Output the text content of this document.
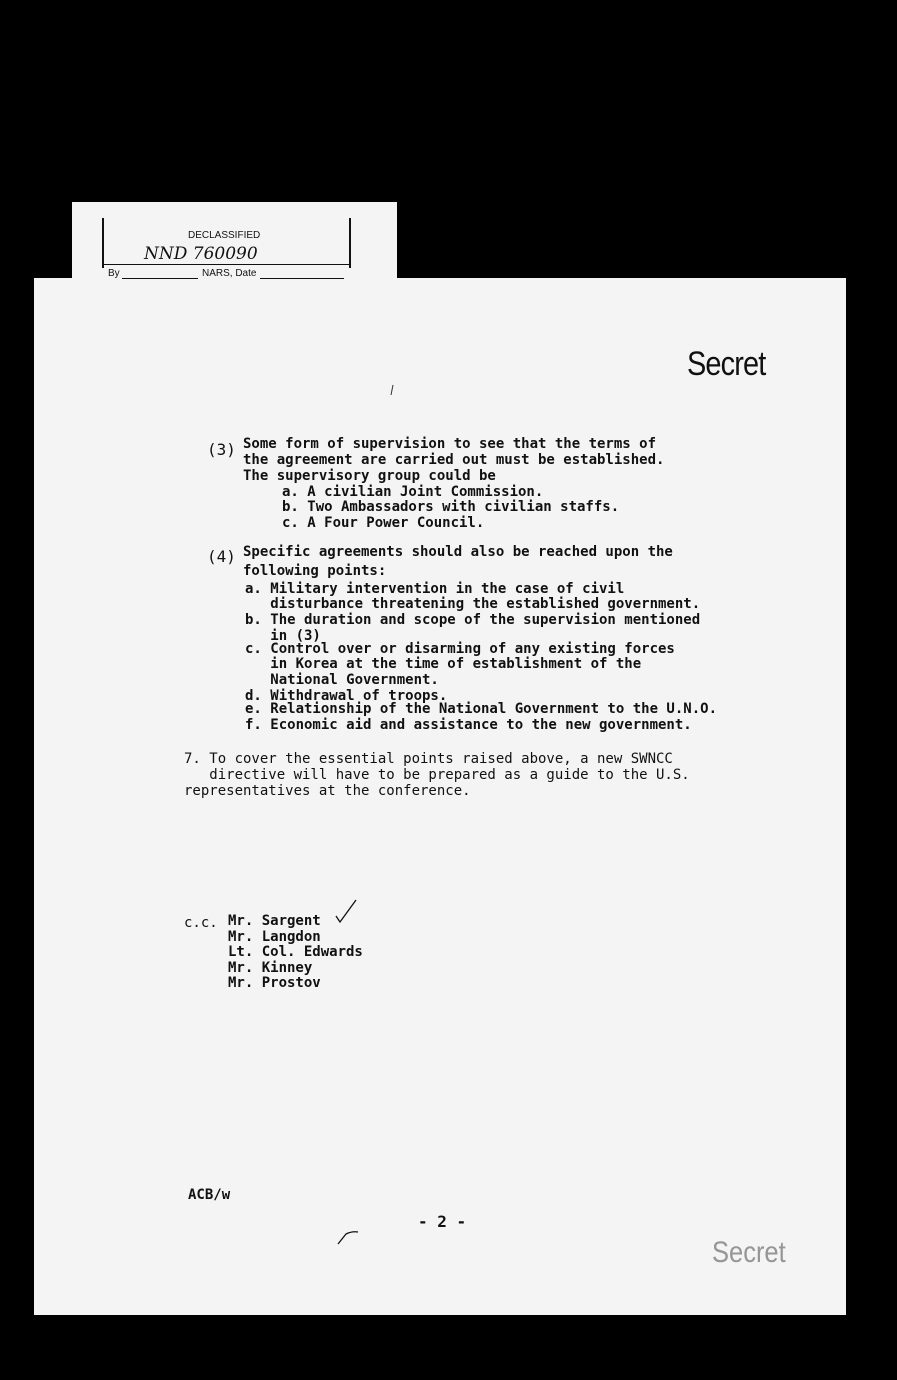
DECLASSIFIED
NND 760090
By	NARS, Date
Secret
(3) Some form of supervision to see that the terms of
the agreement are carried out must be established.
The supervisory group could be
a. A civilian Joint Commission.
b. Two Ambassadors with civilian staffs.
c. A Four Power Council.
(4) Specific agreements should also be reached upon the
following points:
a. Military intervention in the case of civil
disturbance threatening the established government.
b. The duration and scope of the supervision mentioned
in (3)
c. Control over or disarming of any existing forces
in Korea at the time of establishment of the
National Government.
d. Withdrawal of troops.
e. Relationship of the National Government to the U.N.O.
f. Economic aid and assistance to the new government.
7. To cover the essential points raised above, a new SWNCC
directive will have to be prepared as a guide to the U.S.
representatives at the conference.
c.c. Mr. Sargent
Mr. Langdon
Lt. Col. Edwards
Mr. Kinney
Mr. Prostov
ACB/w
- 2 -
Secret
